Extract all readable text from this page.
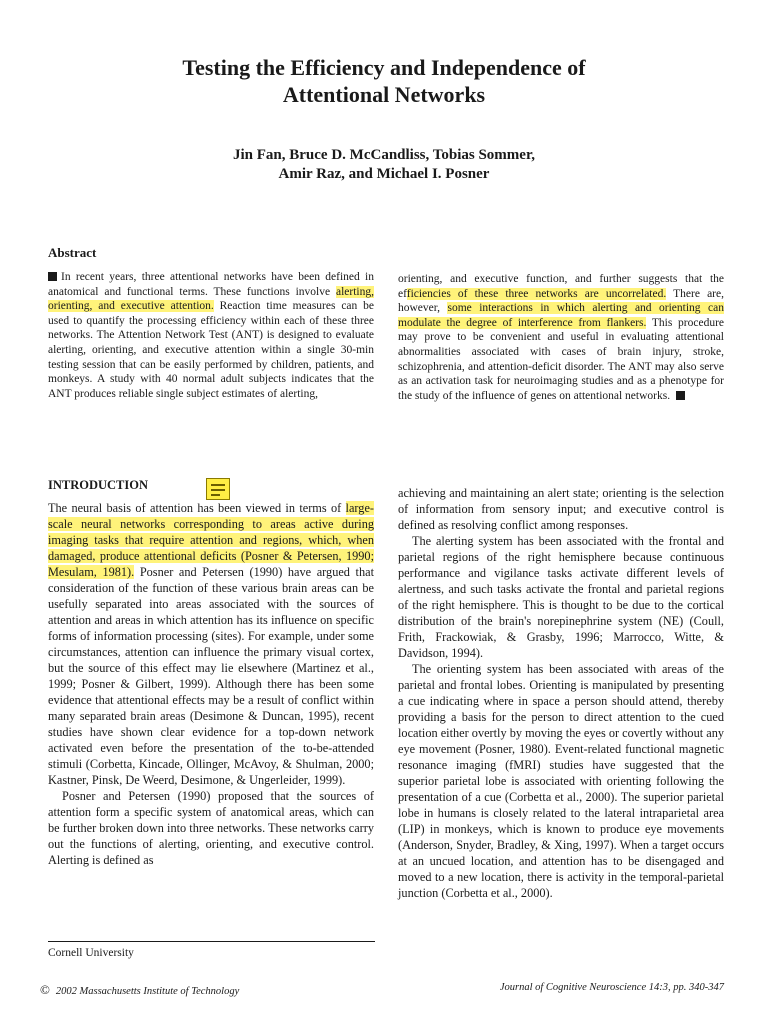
Testing the Efficiency and Independence of
Attentional Networks
Jin Fan, Bruce D. McCandliss, Tobias Sommer,
Amir Raz, and Michael I. Posner
Abstract
In recent years, three attentional networks have been defined in anatomical and functional terms. These functions involve alerting, orienting, and executive attention. Reaction time measures can be used to quantify the processing efficiency within each of these three networks. The Attention Network Test (ANT) is designed to evaluate alerting, orienting, and executive attention within a single 30-min testing session that can be easily performed by children, patients, and monkeys. A study with 40 normal adult subjects indicates that the ANT produces reliable single subject estimates of alerting,
orienting, and executive function, and further suggests that the efficiencies of these three networks are uncorrelated. There are, however, some interactions in which alerting and orienting can modulate the degree of interference from flankers. This procedure may prove to be convenient and useful in evaluating attentional abnormalities associated with cases of brain injury, stroke, schizophrenia, and attention-deficit disorder. The ANT may also serve as an activation task for neuroimaging studies and as a phenotype for the study of the influence of genes on attentional networks.
INTRODUCTION

The neural basis of attention has been viewed in terms of large-scale neural networks corresponding to areas active during imaging tasks that require attention and regions, which, when damaged, produce attentional deficits (Posner & Petersen, 1990; Mesulam, 1981). Posner and Petersen (1990) have argued that consideration of the function of these various brain areas can be usefully separated into areas associated with the sources of attention and areas in which attention has its influence on specific forms of information processing (sites). For example, under some circumstances, attention can influence the primary visual cortex, but the source of this effect may lie elsewhere (Martinez et al., 1999; Posner & Gilbert, 1999). Although there has been some evidence that attentional effects may be a result of conflict within many separated brain areas (Desimone & Duncan, 1995), recent studies have shown clear evidence for a top-down network activated even before the presentation of the to-be-attended stimuli (Corbetta, Kincade, Ollinger, McAvoy, & Shulman, 2000; Kastner, Pinsk, De Weerd, Desimone, & Ungerleider, 1999).

Posner and Petersen (1990) proposed that the sources of attention form a specific system of anatomical areas, which can be further broken down into three networks. These networks carry out the functions of alerting, orienting, and executive control. Alerting is defined as

achieving and maintaining an alert state; orienting is the selection of information from sensory input; and executive control is defined as resolving conflict among responses.

The alerting system has been associated with the frontal and parietal regions of the right hemisphere because continuous performance and vigilance tasks activate different levels of alertness, and such tasks activate the frontal and parietal regions of the right hemisphere. This is thought to be due to the cortical distribution of the brain's norepinephrine system (NE) (Coull, Frith, Frackowiak, & Grasby, 1996; Marrocco, Witte, & Davidson, 1994).

The orienting system has been associated with areas of the parietal and frontal lobes. Orienting is manipulated by presenting a cue indicating where in space a person should attend, thereby providing a basis for the person to direct attention to the cued location either overtly by moving the eyes or covertly without any eye movement (Posner, 1980). Event-related functional magnetic resonance imaging (fMRI) studies have suggested that the superior parietal lobe is associated with orienting following the presentation of a cue (Corbetta et al., 2000). The superior parietal lobe in humans is closely related to the lateral intraparietal area (LIP) in monkeys, which is known to produce eye movements (Anderson, Snyder, Bradley, & Xing, 1997). When a target occurs at an uncued location, and attention has to be disengaged and moved to a new location, there is activity in the temporal-parietal junction (Corbetta et al., 2000).

Cornell University
© 2002 Massachusetts Institute of Technology	Journal of Cognitive Neuroscience 14:3, pp. 340-347
